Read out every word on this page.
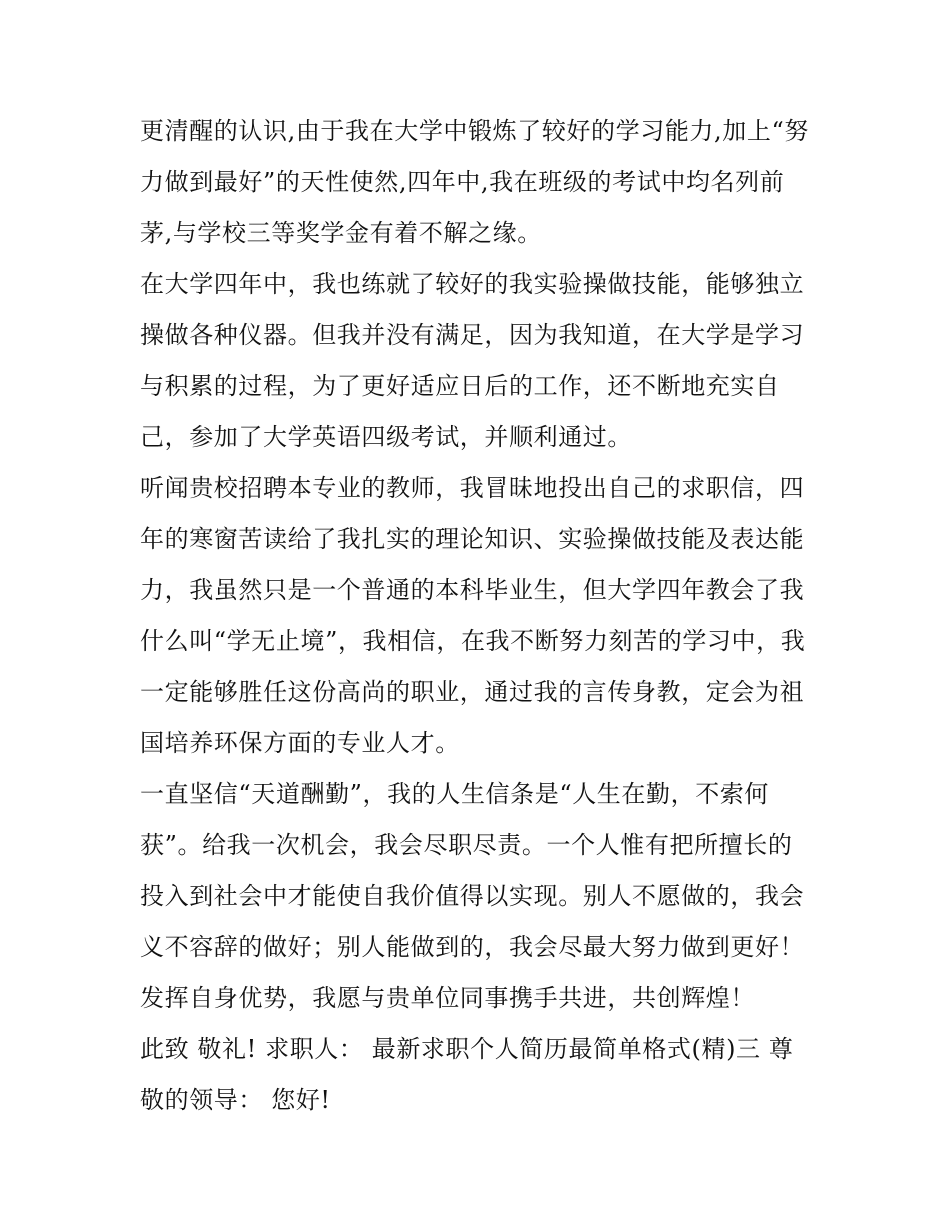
更清醒的认识,由于我在大学中锻炼了较好的学习能力,加上“努
力做到最好”的天性使然,四年中,我在班级的考试中均名列前
茅,与学校三等奖学金有着不解之缘。
在大学四年中，我也练就了较好的我实验操做技能，能够独立
操做各种仪器。但我并没有满足，因为我知道，在大学是学习
与积累的过程，为了更好适应日后的工作，还不断地充实自
己，参加了大学英语四级考试，并顺利通过。
听闻贵校招聘本专业的教师，我冒昧地投出自己的求职信，四
年的寒窗苦读给了我扎实的理论知识、实验操做技能及表达能
力，我虽然只是一个普通的本科毕业生，但大学四年教会了我
什么叫“学无止境”，我相信，在我不断努力刻苦的学习中，我
一定能够胜任这份高尚的职业，通过我的言传身教，定会为祖
国培养环保方面的专业人才。
一直坚信“天道酬勤”，我的人生信条是“人生在勤，不索何
获”。给我一次机会，我会尽职尽责。一个人惟有把所擅长的
投入到社会中才能使自我价值得以实现。别人不愿做的，我会
义不容辞的做好；别人能做到的，我会尽最大努力做到更好！
发挥自身优势，我愿与贵单位同事携手共进，共创辉煌！
此致 敬礼! 求职人： 最新求职个人简历最简单格式(精)三 尊
敬的领导： 您好!
